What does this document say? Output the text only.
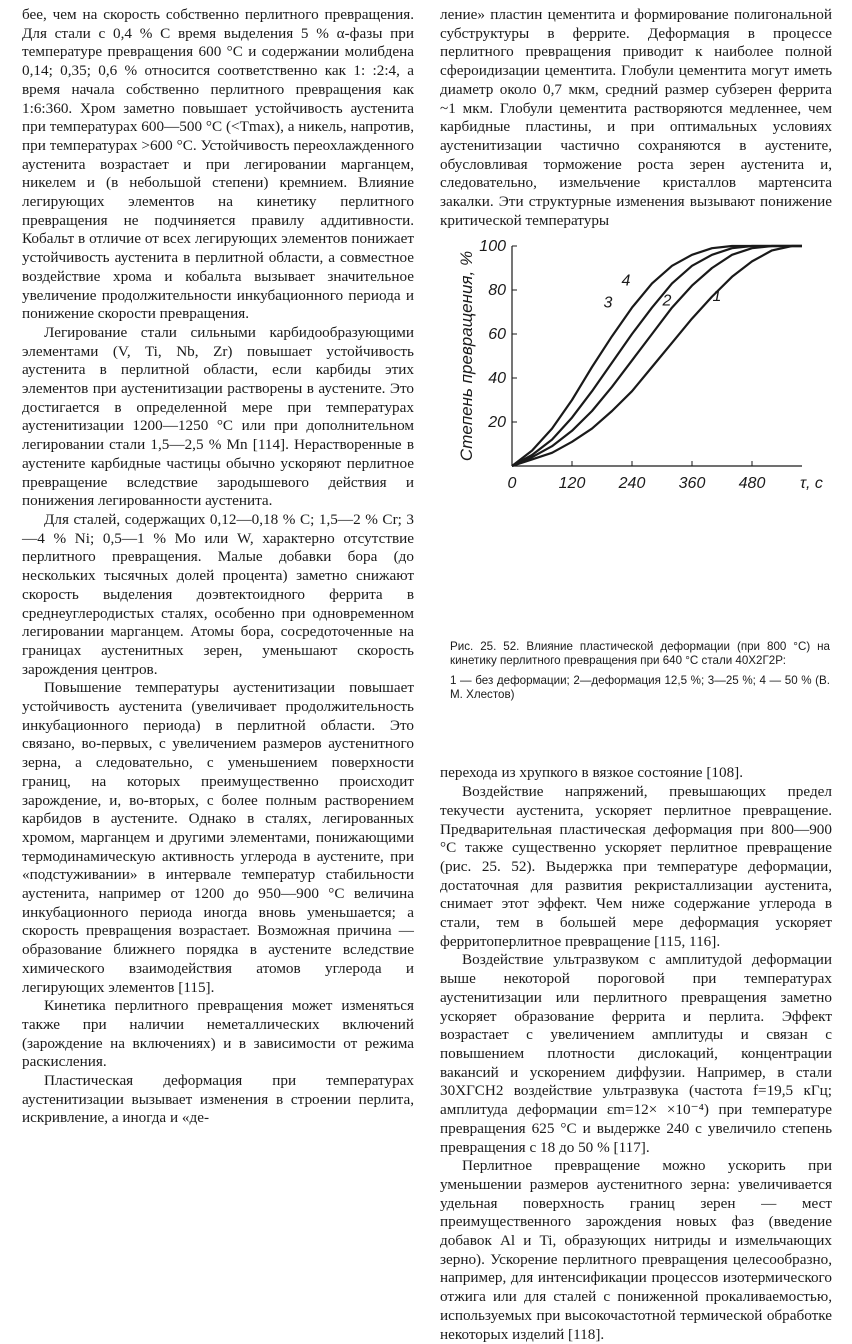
бее, чем на скорость собственно перлитного превращения. Для стали с 0,4 % С время выделения 5 % α-фазы при температуре превращения 600 °С и содержании молибдена 0,14; 0,35; 0,6 % относится соответственно как 1: :2:4, а время начала собственно перлитного превращения как 1:6:360. Хром заметно повышает устойчивость аустенита при температурах 600—500 °С (<Tmax), а никель, напротив, при температурах >600 °С. Устойчивость переохлажденного аустенита возрастает и при легировании марганцем, никелем и (в небольшой степени) кремнием. Влияние легирующих элементов на кинетику перлитного превращения не подчиняется правилу аддитивности. Кобальт в отличие от всех легирующих элементов понижает устойчивость аустенита в перлитной области, а совместное воздействие хрома и кобальта вызывает значительное увеличение продолжительности инкубационного периода и понижение скорости превращения.

Легирование стали сильными карбидообразующими элементами (V, Ti, Nb, Zr) повышает устойчивость аустенита в перлитной области, если карбиды этих элементов при аустенитизации растворены в аустените. Это достигается в определенной мере при температурах аустенитизации 1200—1250 °С или при дополнительном легировании стали 1,5—2,5 % Mn [114]. Нерастворенные в аустените карбидные частицы обычно ускоряют перлитное превращение вследствие зародышевого действия и понижения легированности аустенита.

Для сталей, содержащих 0,12—0,18 % С; 1,5—2 % Cr; 3—4 % Ni; 0,5—1 % Mo или W, характерно отсутствие перлитного превращения. Малые добавки бора (до нескольких тысячных долей процента) заметно снижают скорость выделения доэвтектоидного феррита в среднеуглеродистых сталях, особенно при одновременном легировании марганцем. Атомы бора, сосредоточенные на границах аустенитных зерен, уменьшают скорость зарождения центров.

Повышение температуры аустенитизации повышает устойчивость аустенита (увеличивает продолжительность инкубационного периода) в перлитной области. Это связано, во-первых, с увеличением размеров аустенитного зерна, а следовательно, с уменьшением поверхности границ, на которых преимущественно происходит зарождение, и, во-вторых, с более полным растворением карбидов в аустените. Однако в сталях, легированных хромом, марганцем и другими элементами, понижающими термодинамическую активность углерода в аустените, при «подстуживании» в интервале температур стабильности аустенита, например от 1200 до 950—900 °С величина инкубационного периода иногда вновь уменьшается; а скорость превращения возрастает. Возможная причина — образование ближнего порядка в аустените вследствие химического взаимодействия атомов углерода и легирующих элементов [115].

Кинетика перлитного превращения может изменяться также при наличии неметаллических включений (зарождение на включениях) и в зависимости от режима раскисления.

Пластическая деформация при температурах аустенитизации вызывает изменения в строении перлита, искривление, а иногда и «де-

ление» пластин цементита и формирование полигональной субструктуры в феррите. Деформация в процессе перлитного превращения приводит к наиболее полной сфероидизации цементита. Глобули цементита могут иметь диаметр около 0,7 мкм, средний размер субзерен феррита ~1 мкм. Глобули цементита растворяются медленнее, чем карбидные пластины, и при оптимальных условиях аустенитизации частично сохраняются в аустените, обусловливая торможение роста зерен аустенита и, следовательно, измельчение кристаллов мартенсита закалки. Эти структурные изменения вызывают понижение критической температуры

20
40
60
80
100
0	120 240 360 480 τ, с
Степень превращения, %	1
2
3
4
Рис. 25. 52. Влияние пластической деформации (при 800 °С) на кинетику перлитного превращения при 640 °С стали 40Х2Г2Р:
1 — без деформации; 2—деформация 12,5 %; 3—25 %; 4 — 50 % (В. М. Хлестов)

перехода из хрупкого в вязкое состояние [108].

Воздействие напряжений, превышающих предел текучести аустенита, ускоряет перлитное превращение. Предварительная пластическая деформация при 800—900 °С также существенно ускоряет перлитное превращение (рис. 25. 52). Выдержка при температуре деформации, достаточная для развития рекристаллизации аустенита, снимает этот эффект. Чем ниже содержание углерода в стали, тем в большей мере деформация ускоряет ферритоперлитное превращение [115, 116].

Воздействие ультразвуком с амплитудой деформации выше некоторой пороговой при температурах аустенитизации или перлитного превращения заметно ускоряет образование феррита и перлита. Эффект возрастает с увеличением амплитуды и связан с повышением плотности дислокаций, концентрации вакансий и ускорением диффузии. Например, в стали 30ХГСН2 воздействие ультразвука (частота f=19,5 кГц; амплитуда деформации εm=12× ×10⁻⁴) при температуре превращения 625 °С и выдержке 240 с увеличило степень превращения с 18 до 50 % [117].

Перлитное превращение можно ускорить при уменьшении размеров аустенитного зерна: увеличивается удельная поверхность границ зерен — мест преимущественного зарождения новых фаз (введение добавок Al и Ti, образующих нитриды и измельчающих зерно). Ускорение перлитного превращения целесообразно, например, для интенсификации процессов изотермического отжига или для сталей с пониженной прокаливаемостью, используемых при высокочастотной термической обработке некоторых изделий [118].
